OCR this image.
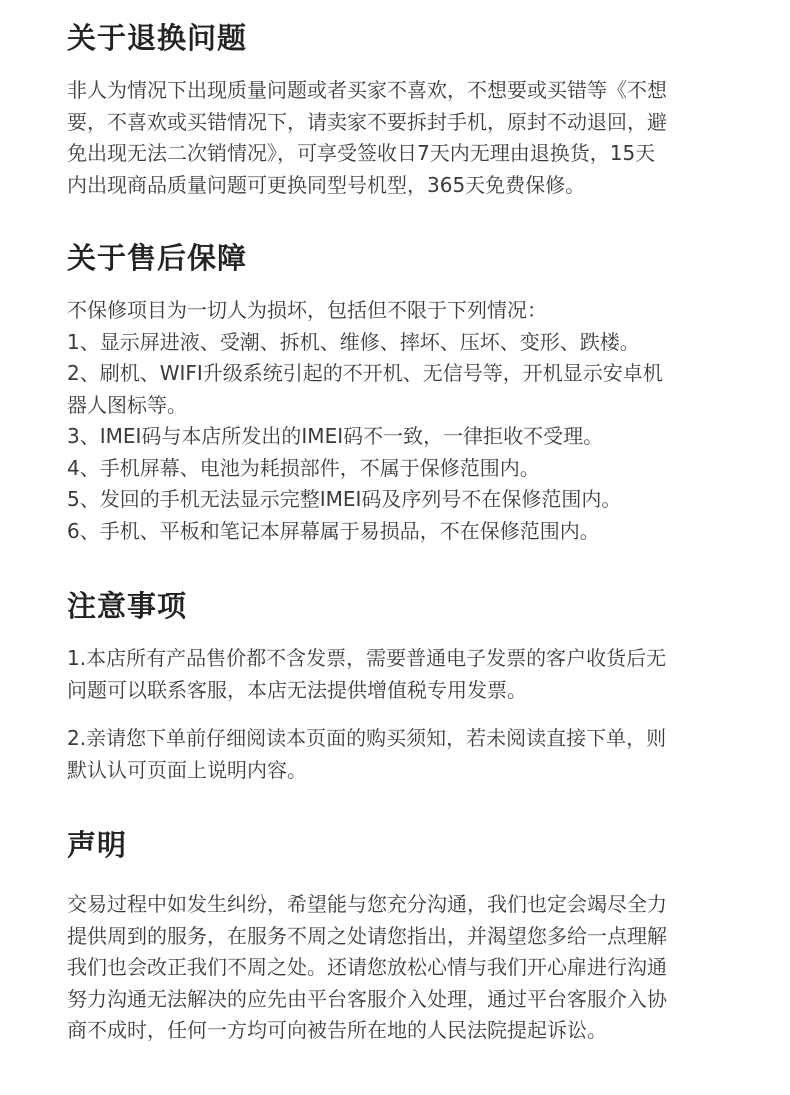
关于退换问题

非人为情况下出现质量问题或者买家不喜欢，不想要或买错等《不想

要，不喜欢或买错情况下，请卖家不要拆封手机，原封不动退回，避

免出现无法二次销情况》，可享受签收日7天内无理由退换货，15天

内出现商品质量问题可更换同型号机型，365天免费保修。

关于售后保障

不保修项目为一切人为损坏，包括但不限于下列情况：

1、显示屏进液、受潮、拆机、维修、摔坏、压坏、变形、跌楼。

2、刷机、WIFI升级系统引起的不开机、无信号等，开机显示安卓机

器人图标等。

3、IMEI码与本店所发出的IMEI码不一致，一律拒收不受理。

4、手机屏幕、电池为耗损部件，不属于保修范围内。

5、发回的手机无法显示完整IMEI码及序列号不在保修范围内。

6、手机、平板和笔记本屏幕属于易损品，不在保修范围内。

注意事项

1.本店所有产品售价都不含发票，需要普通电子发票的客户收货后无

问题可以联系客服，本店无法提供增值税专用发票。

2.亲请您下单前仔细阅读本页面的购买须知，若未阅读直接下单，则

默认认可页面上说明内容。

声明

交易过程中如发生纠纷，希望能与您充分沟通，我们也定会竭尽全力

提供周到的服务，在服务不周之处请您指出，并渴望您多给一点理解

我们也会改正我们不周之处。还请您放松心情与我们开心扉进行沟通

努力沟通无法解决的应先由平台客服介入处理，通过平台客服介入协

商不成时，任何一方均可向被告所在地的人民法院提起诉讼。
